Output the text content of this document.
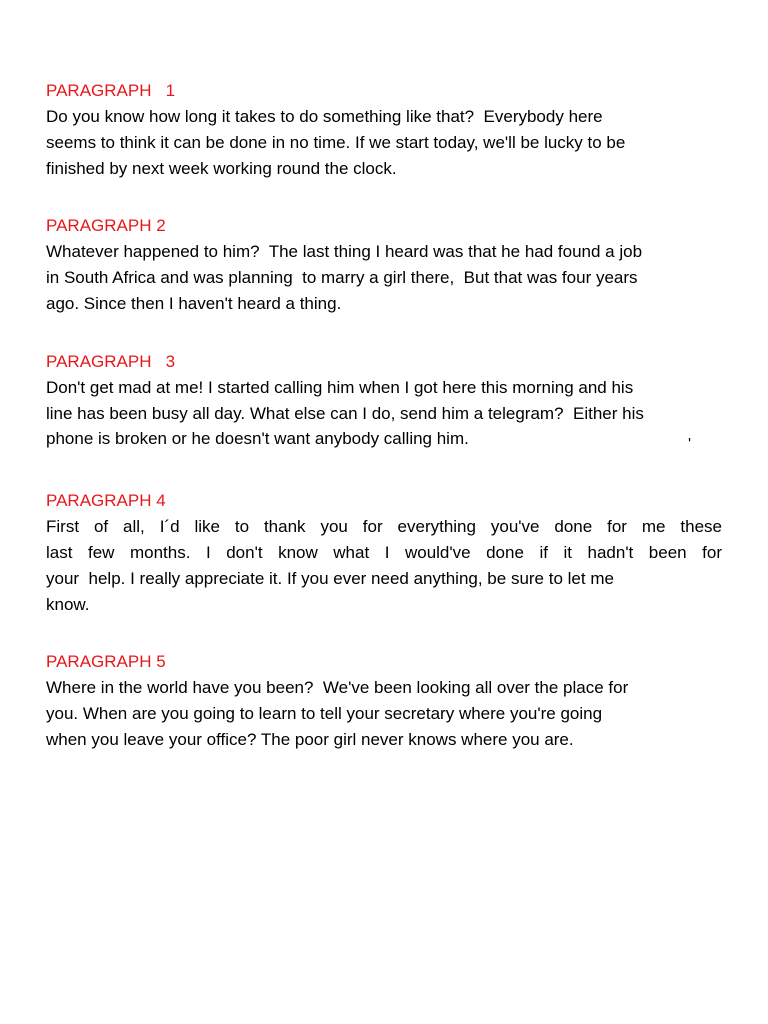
PARAGRAPH   1
Do you know how long it takes to do something like that?  Everybody here
seems to think it can be done in no time. If we start today, we'll be lucky to be
finished by next week working round the clock.
PARAGRAPH 2
Whatever happened to him?  The last thing I heard was that he had found a job
in South Africa and was planning  to marry a girl there,  But that was four years
ago. Since then I haven't heard a thing.
PARAGRAPH   3
Don't get mad at me! I started calling him when I got here this morning and his
line has been busy all day. What else can I do, send him a telegram?  Either his
phone is broken or he doesn't want anybody calling him.
PARAGRAPH 4
First of all, I´d like to thank you for everything you've done for me these
last few months. I don't know what I would've done if it hadn't been for
your  help. I really appreciate it. If you ever need anything, be sure to let me
know.
PARAGRAPH 5
Where in the world have you been?  We've been looking all over the place for
you. When are you going to learn to tell your secretary where you're going
when you leave your office? The poor girl never knows where you are.
'
